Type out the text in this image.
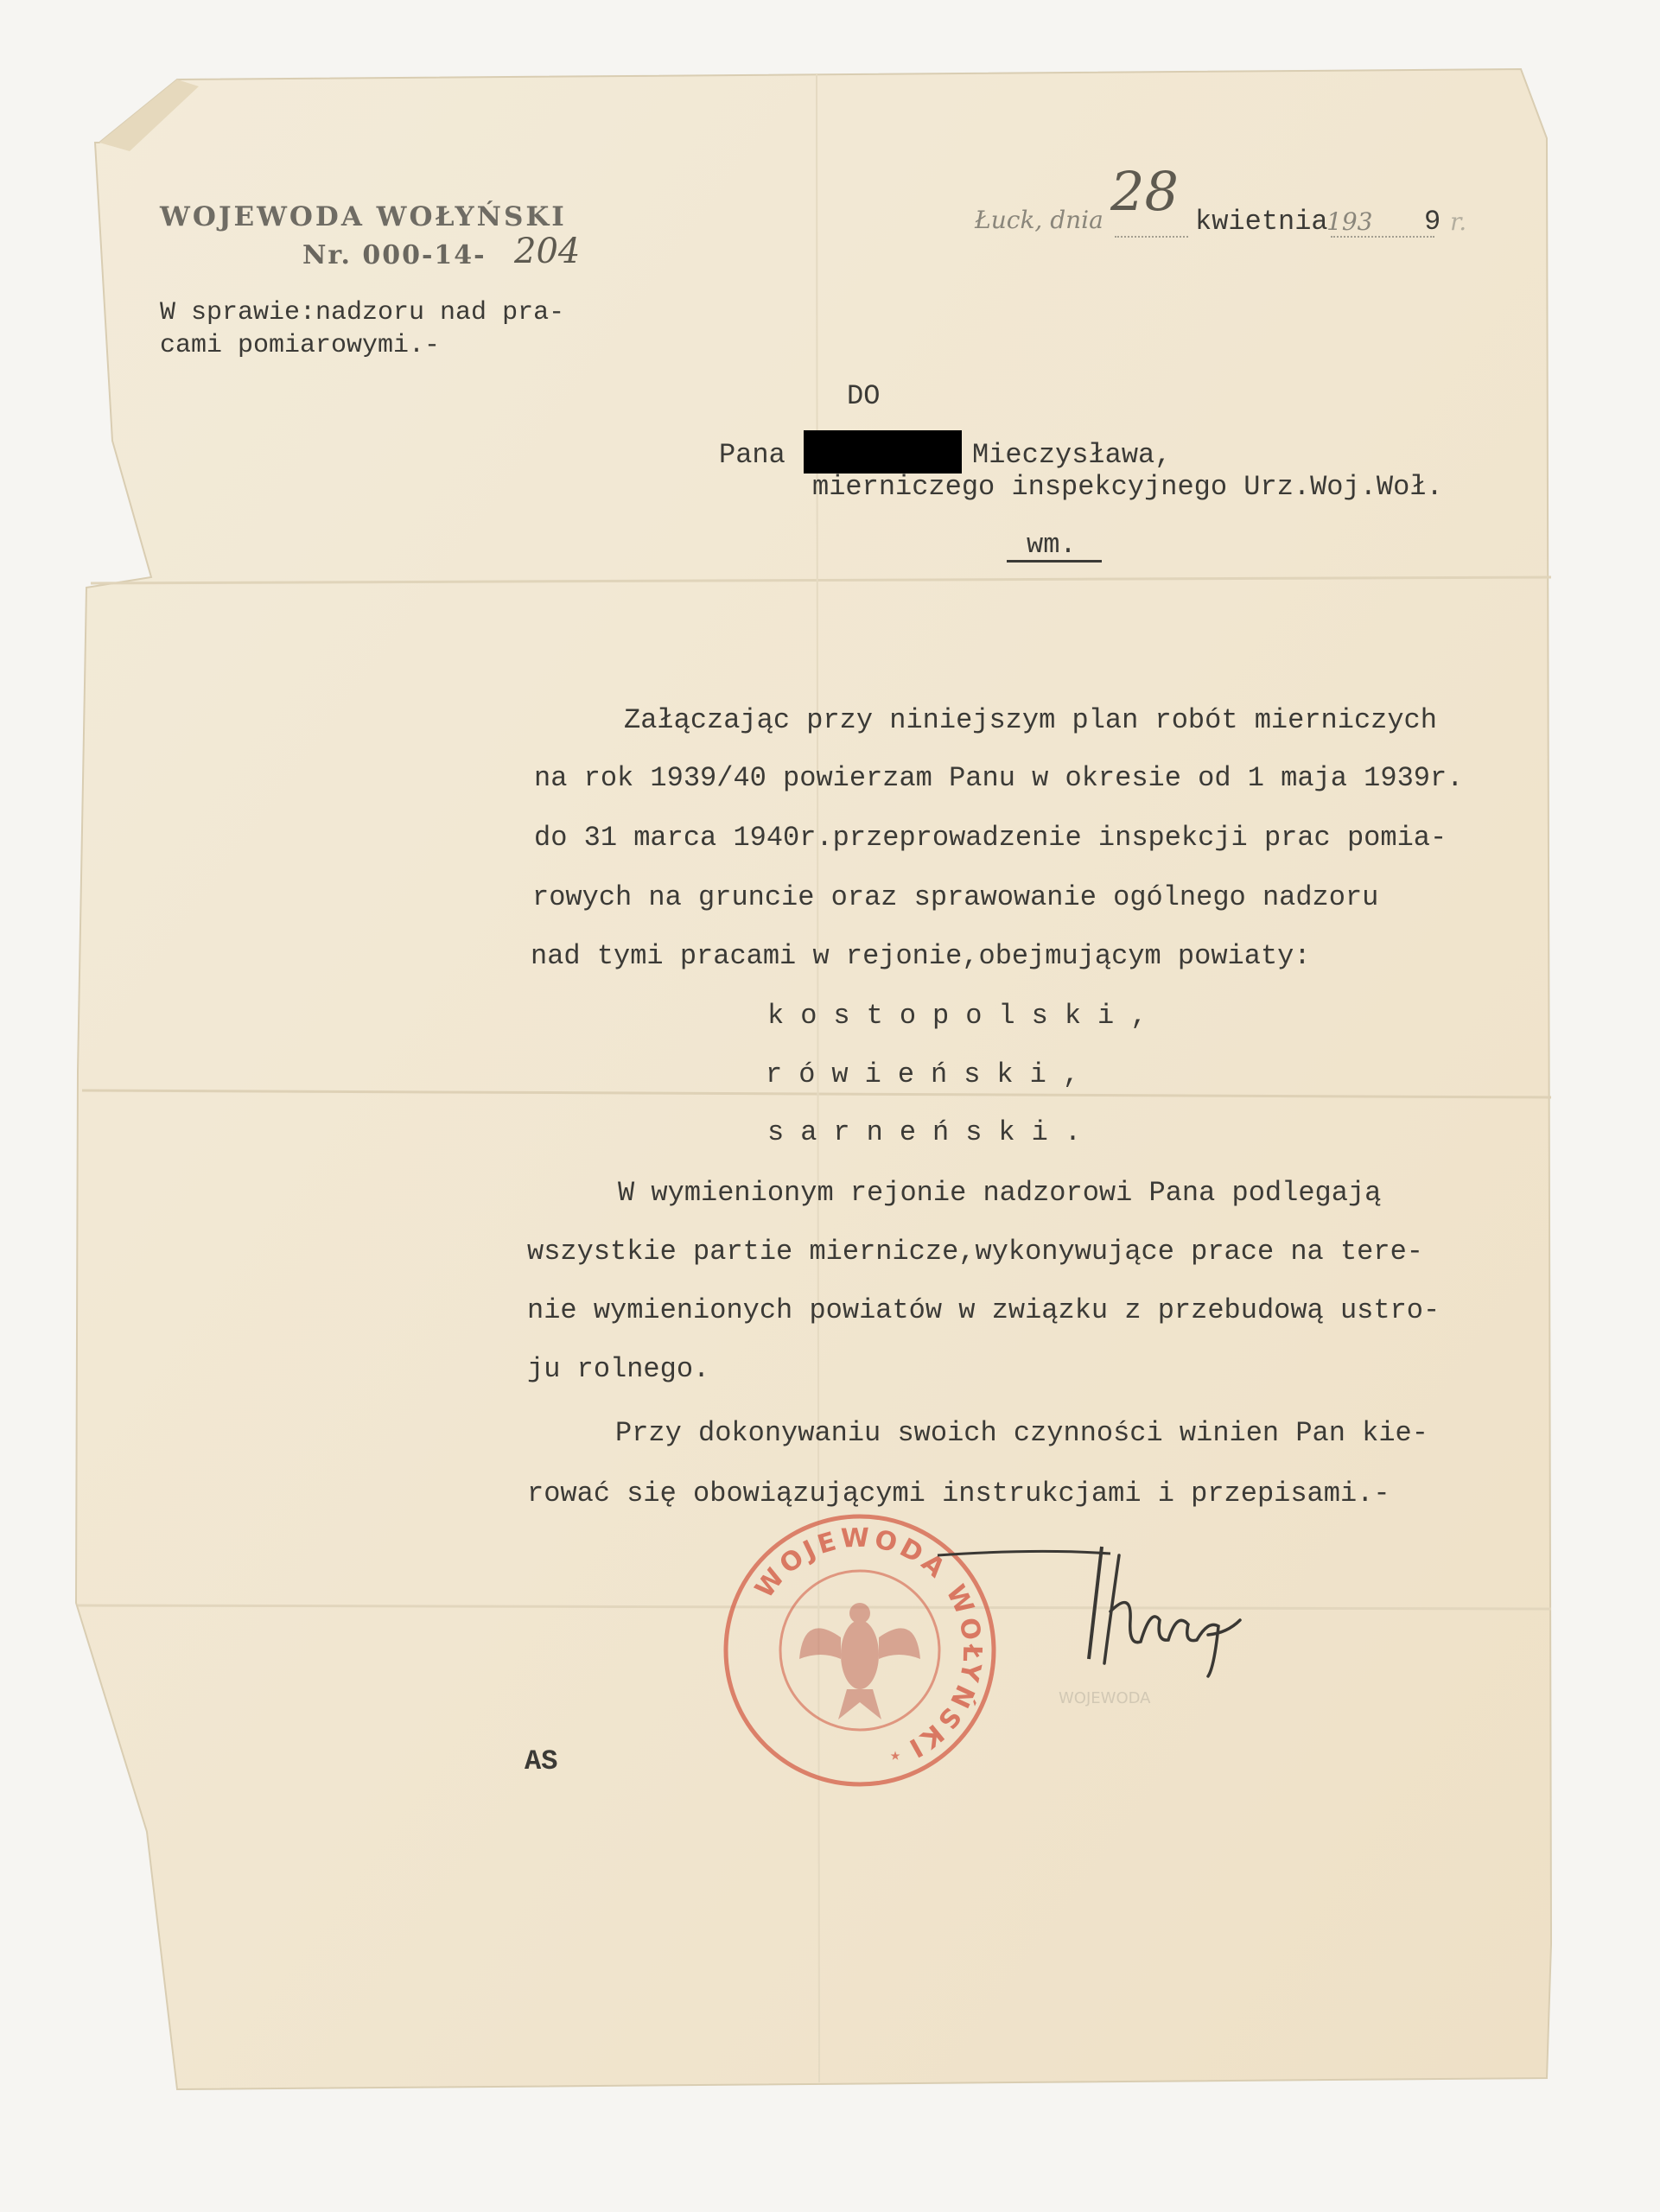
WOJEWODA WOŁYŃSKI
Nr. 000-14- 204
W sprawie:nadzoru nad pra-
cami pomiarowymi.-
Łuck, dnia 28 kwietnia
193 9 r.
DO
Pana	Mieczysława,
mierniczego inspekcyjnego Urz.Woj.Woł.
wm.
Załączając przy niniejszym plan robót mierniczych
na rok 1939/40 powierzam Panu w okresie od 1 maja 1939r.
do 31 marca 1940r.przeprowadzenie inspekcji prac pomia-
rowych na gruncie oraz sprawowanie ogólnego nadzoru
nad tymi pracami w rejonie,obejmującym powiaty:
kostopolski,
rówieński,
sarneński.
W wymienionym rejonie nadzorowi Pana podlegają
wszystkie partie miernicze,wykonywujące prace na tere-
nie wymienionych powiatów w związku z przebudową ustro-
ju rolnego.
Przy dokonywaniu swoich czynności winien Pan kie-
rować się obowiązującymi instrukcjami i przepisami.-
WOJEWODA WOŁYŃSKI
★
WOJEWODA
AS
